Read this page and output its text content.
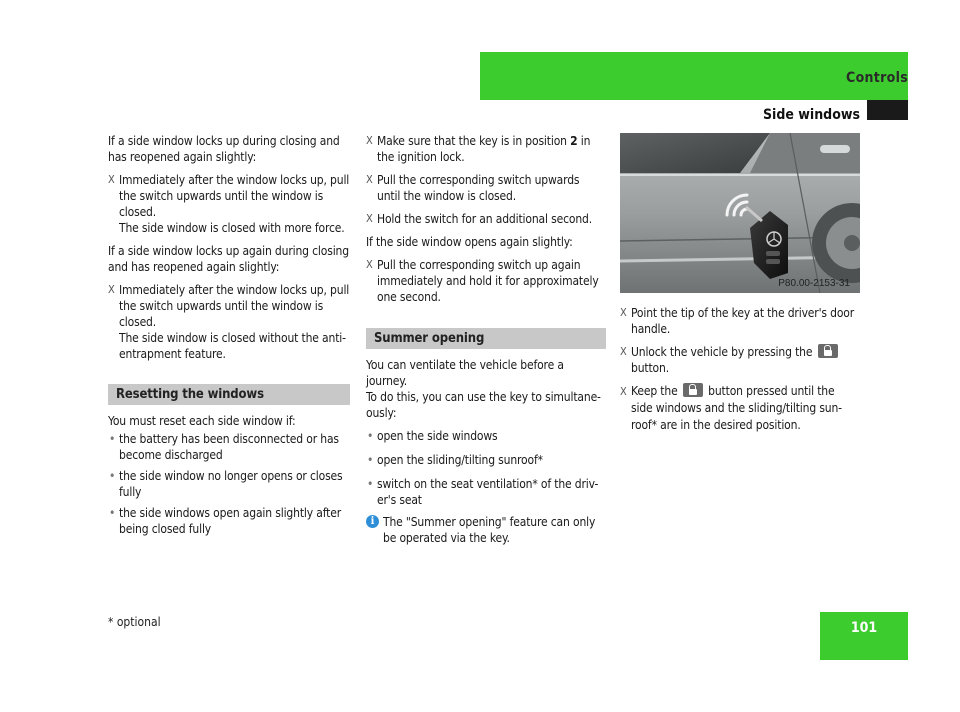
Controls
Side windows
If a side window locks up during closing and
has reopened again slightly:
X Immediately after the window locks up, pull
the switch upwards until the window is
closed.
The side window is closed with more force.
If a side window locks up again during closing
and has reopened again slightly:
X Immediately after the window locks up, pull
the switch upwards until the window is
closed.
The side window is closed without the anti-
entrapment feature.
Resetting the windows
You must reset each side window if:
• the battery has been disconnected or has
become discharged
• the side window no longer opens or closes
fully
• the side windows open again slightly after
being closed fully
X Make sure that the key is in position 2 in
the ignition lock.
X Pull the corresponding switch upwards
until the window is closed.
X Hold the switch for an additional second.
If the side window opens again slightly:
X Pull the corresponding switch up again
immediately and hold it for approximately
one second.
Summer opening
You can ventilate the vehicle before a journey.
To do this, you can use the key to simultane-
ously:
• open the side windows
• open the sliding/tilting sunroof*
• switch on the seat ventilation* of the driv-
er's seat
i The "Summer opening" feature can only
be operated via the key.
P80.00-2153-31
X Point the tip of the key at the driver's door
handle.
X Unlock the vehicle by pressing the
button.
X Keep the	button pressed until the
side windows and the sliding/tilting sun-
roof* are in the desired position.
* optional	101
